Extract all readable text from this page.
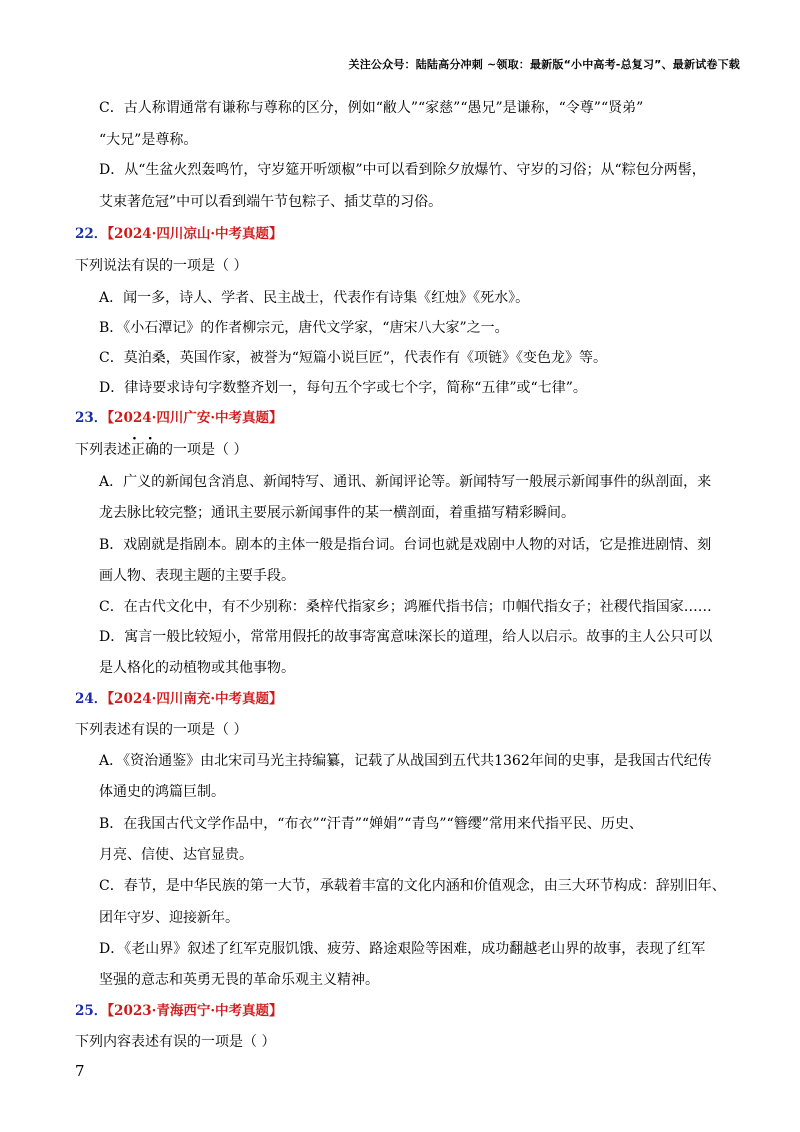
关注公众号：陆陆高分冲刺 ~领取：最新版“小中高考-总复习”、最新试卷下载
C．古人称谓通常有谦称与尊称的区分，例如“敝人”“家慈”“愚兄”是谦称，“令尊”“贤弟”
“大兄”是尊称。
D．从“生盆火烈轰鸣竹，守岁筵开听颂椒”中可以看到除夕放爆竹、守岁的习俗；从“粽包分两髻，
艾束著危冠”中可以看到端午节包粽子、插艾草的习俗。
22．【2024·四川凉山·中考真题】
下列说法有误的一项是（ ）
A．闻一多，诗人、学者、民主战士，代表作有诗集《红烛》《死水》。
B．《小石潭记》的作者柳宗元，唐代文学家，“唐宋八大家”之一。
C．莫泊桑，英国作家，被誉为“短篇小说巨匠”，代表作有《项链》《变色龙》等。
D．律诗要求诗句字数整齐划一，每句五个字或七个字，简称“五律”或“七律”。
23．【2024·四川广安·中考真题】
下列表述· · 正确的一项是（ ）
A．广义的新闻包含消息、新闻特写、通讯、新闻评论等。新闻特写一般展示新闻事件的纵剖面，来
龙去脉比较完整；通讯主要展示新闻事件的某一横剖面，着重描写精彩瞬间。
B．戏剧就是指剧本。剧本的主体一般是指台词。台词也就是戏剧中人物的对话，它是推进剧情、刻
画人物、表现主题的主要手段。
C．在古代文化中，有不少别称：桑梓代指家乡；鸿雁代指书信；巾帼代指女子；社稷代指国家……
D．寓言一般比较短小，常常用假托的故事寄寓意味深长的道理，给人以启示。故事的主人公只可以
是人格化的动植物或其他事物。
24．【2024·四川南充·中考真题】
下列表述有误的一项是（ ）
A．《资治通鉴》由北宋司马光主持编纂，记载了从战国到五代共1362年间的史事，是我国古代纪传
体通史的鸿篇巨制。
B．在我国古代文学作品中，“布衣”“汗青”“婵娟”“青鸟”“簪缨”常用来代指平民、历史、
月亮、信使、达官显贵。
C．春节，是中华民族的第一大节，承载着丰富的文化内涵和价值观念，由三大环节构成：辞别旧年、
团年守岁、迎接新年。
D．《老山界》叙述了红军克服饥饿、疲劳、路途艰险等困难，成功翻越老山界的故事，表现了红军
坚强的意志和英勇无畏的革命乐观主义精神。
25．【2023·青海西宁·中考真题】
下列内容表述有误的一项是（ ）
7
